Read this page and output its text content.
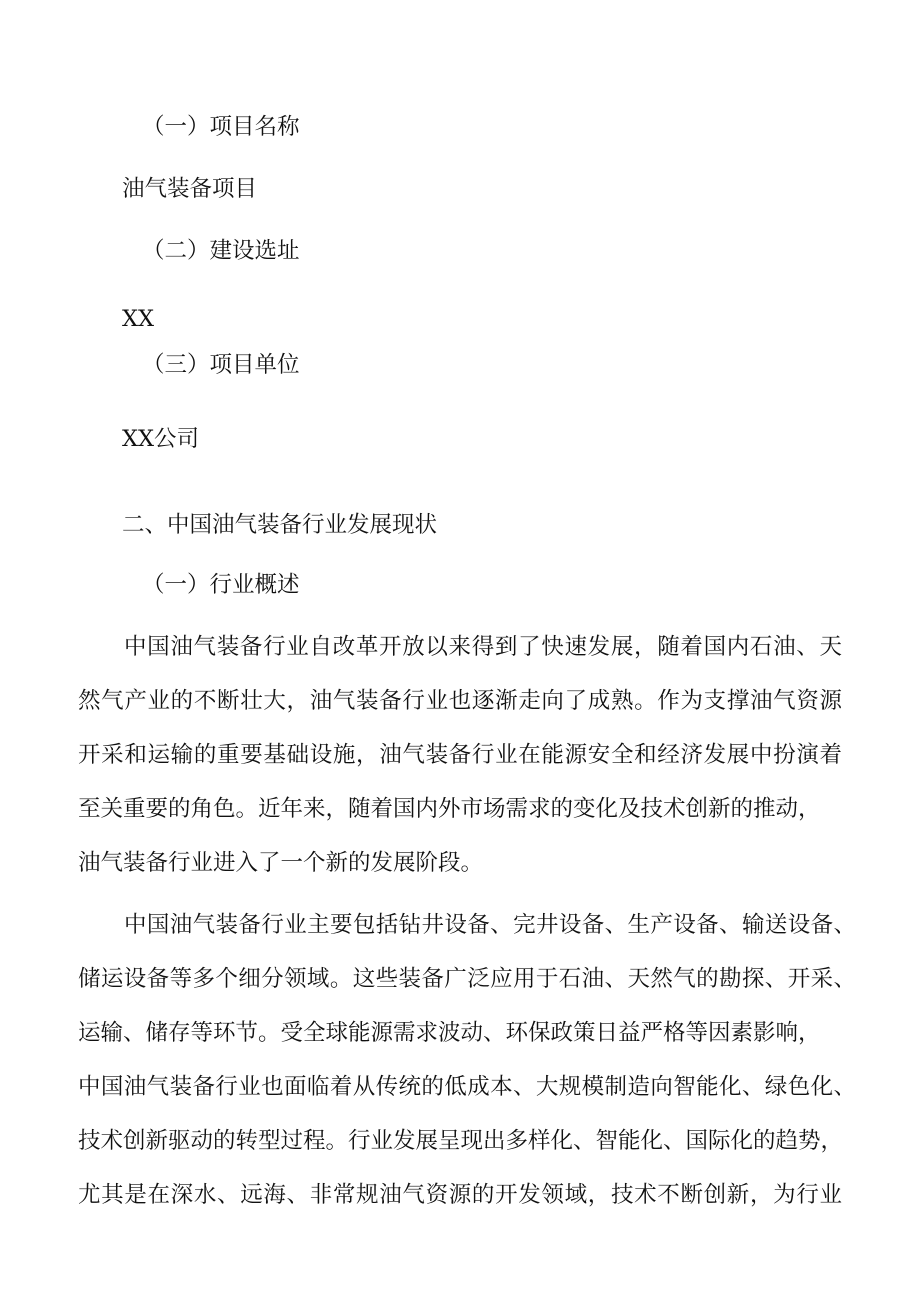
（一）项目名称
油气装备项目
（二）建设选址
XX
（三）项目单位
XX公司
二、中国油气装备行业发展现状
（一）行业概述
中国油气装备行业自改革开放以来得到了快速发展，随着国内石油、天
然气产业的不断壮大，油气装备行业也逐渐走向了成熟。作为支撑油气资源
开采和运输的重要基础设施，油气装备行业在能源安全和经济发展中扮演着
至关重要的角色。近年来，随着国内外市场需求的变化及技术创新的推动，
油气装备行业进入了一个新的发展阶段。
中国油气装备行业主要包括钻井设备、完井设备、生产设备、输送设备、
储运设备等多个细分领域。这些装备广泛应用于石油、天然气的勘探、开采、
运输、储存等环节。受全球能源需求波动、环保政策日益严格等因素影响，
中国油气装备行业也面临着从传统的低成本、大规模制造向智能化、绿色化、
技术创新驱动的转型过程。行业发展呈现出多样化、智能化、国际化的趋势，
尤其是在深水、远海、非常规油气资源的开发领域，技术不断创新，为行业
